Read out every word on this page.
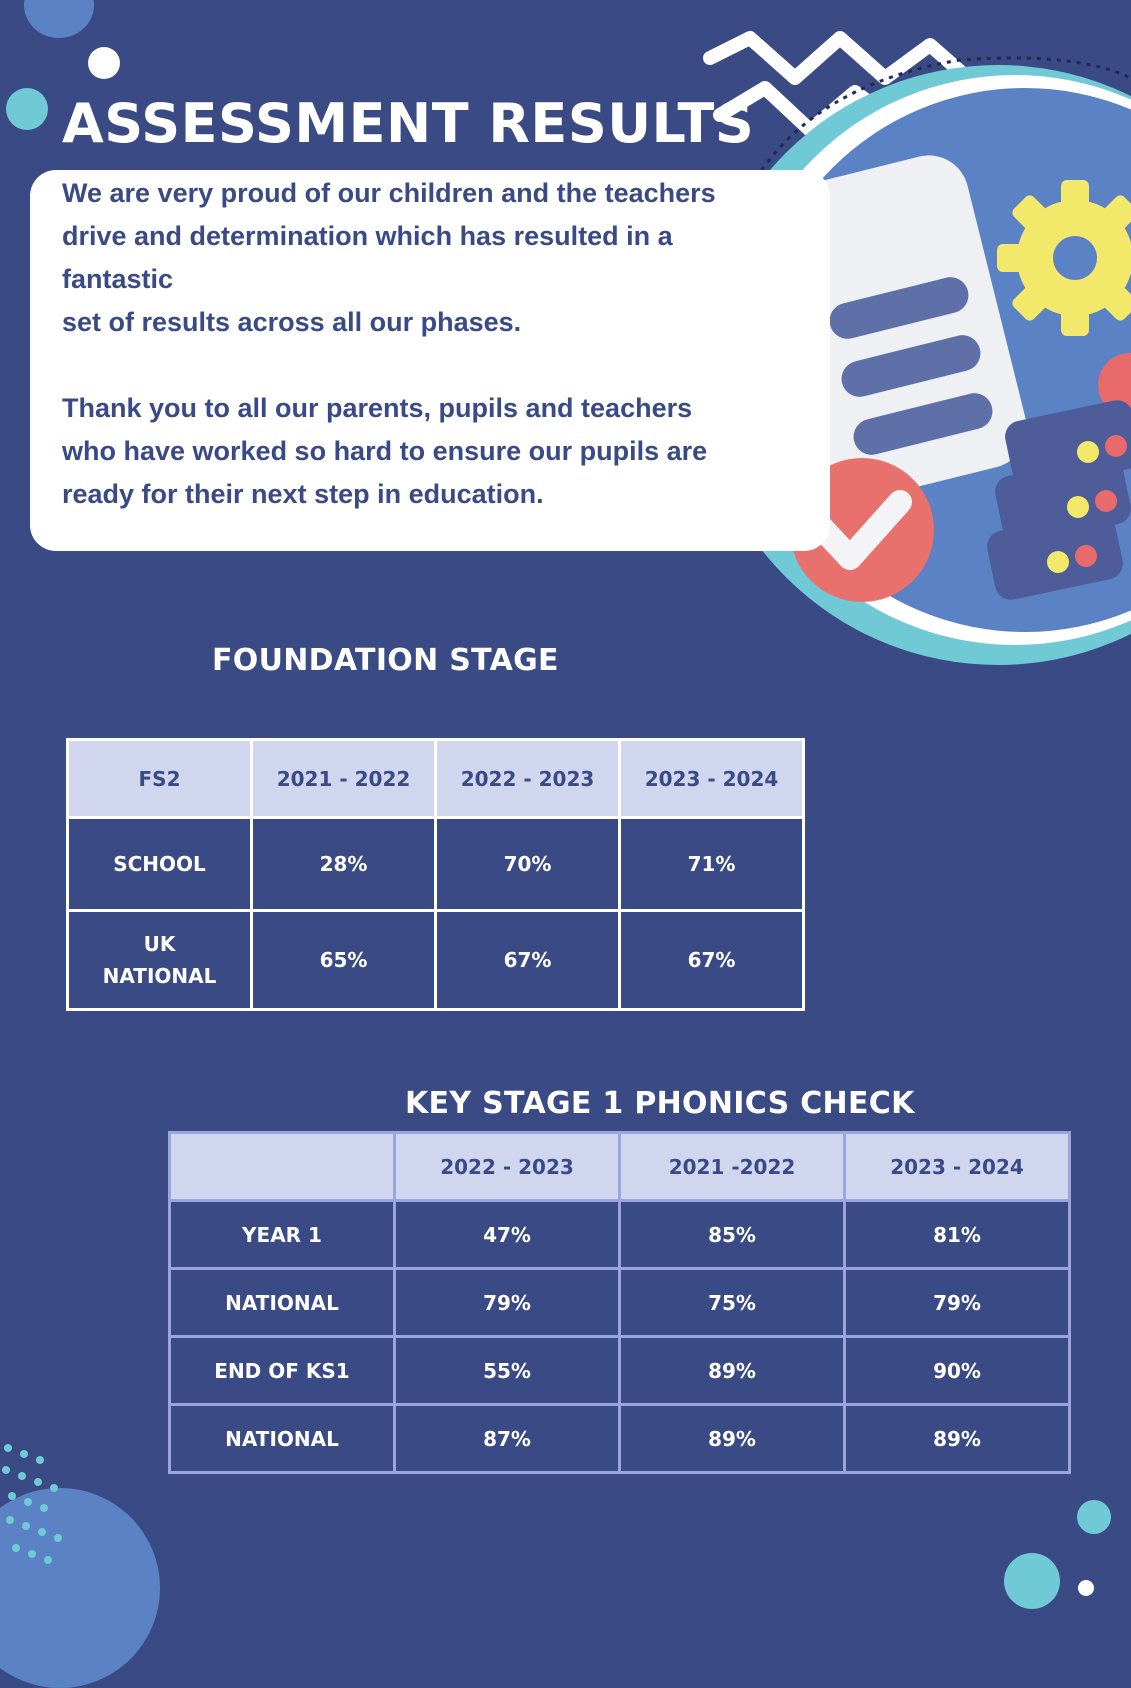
ASSESSMENT RESULTS

We are very proud of our children and the teachers

drive and determination which has resulted in a

fantastic

set of results across all our phases.

Thank you to all our parents, pupils and teachers

who have worked so hard to ensure our pupils are

ready for their next step in education.

FOUNDATION STAGE
FS2	2021 - 2022	2022 - 2023	2023 - 2024
SCHOOL	28%	70%	71%
UK NATIONAL	65%	67%	67%
KEY STAGE 1 PHONICS CHECK
	2022 - 2023	2021 -2022	2023 - 2024
YEAR 1	47%	85%	81%
NATIONAL	79%	75%	79%
END OF KS1	55%	89%	90%
NATIONAL	87%	89%	89%
